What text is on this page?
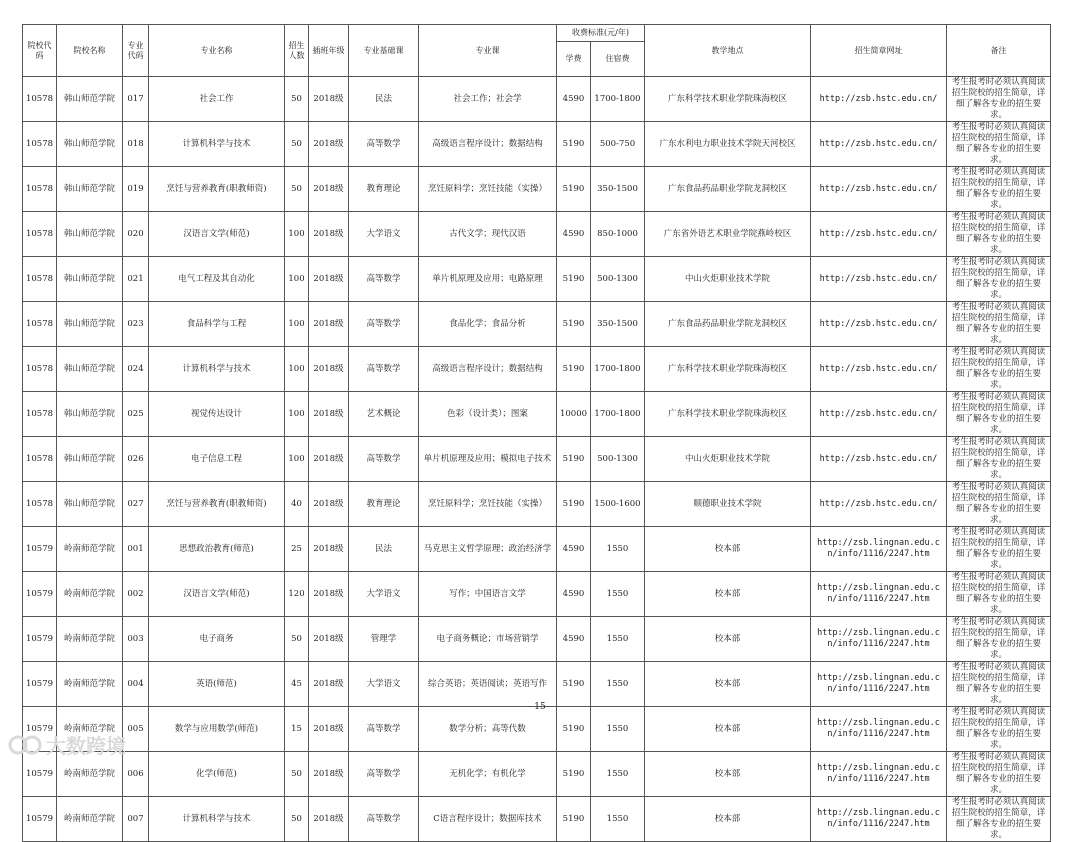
院校代码	院校名称	专业代码	专业名称	招生人数	插班年级	专业基础课	专业课	收费标准(元/年)		教学地点	招生简章网址	备注
								学费	住宿费			
10578	韩山师范学院	017	社会工作	50	2018级	民法	社会工作；社会学	4590	1700-1800	广东科学技术职业学院珠海校区	http://zsb.hstc.edu.cn/	考生报考时必须认真阅读招生院校的招生简章，详细了解各专业的招生要求。
10578	韩山师范学院	018	计算机科学与技术	50	2018级	高等数学	高级语言程序设计；数据结构	5190	500-750	广东水利电力职业技术学院天河校区	http://zsb.hstc.edu.cn/	考生报考时必须认真阅读招生院校的招生简章，详细了解各专业的招生要求。
10578	韩山师范学院	019	烹饪与营养教育(职教师资)	50	2018级	教育理论	烹饪原料学；烹饪技能（实操）	5190	350-1500	广东食品药品职业学院龙洞校区	http://zsb.hstc.edu.cn/	考生报考时必须认真阅读招生院校的招生简章，详细了解各专业的招生要求。
10578	韩山师范学院	020	汉语言文学(师范)	100	2018级	大学语文	古代文学；现代汉语	4590	850-1000	广东省外语艺术职业学院燕岭校区	http://zsb.hstc.edu.cn/	考生报考时必须认真阅读招生院校的招生简章，详细了解各专业的招生要求。
10578	韩山师范学院	021	电气工程及其自动化	100	2018级	高等数学	单片机原理及应用；电路原理	5190	500-1300	中山火炬职业技术学院	http://zsb.hstc.edu.cn/	考生报考时必须认真阅读招生院校的招生简章，详细了解各专业的招生要求。
10578	韩山师范学院	023	食品科学与工程	100	2018级	高等数学	食品化学；食品分析	5190	350-1500	广东食品药品职业学院龙洞校区	http://zsb.hstc.edu.cn/	考生报考时必须认真阅读招生院校的招生简章，详细了解各专业的招生要求。
10578	韩山师范学院	024	计算机科学与技术	100	2018级	高等数学	高级语言程序设计；数据结构	5190	1700-1800	广东科学技术职业学院珠海校区	http://zsb.hstc.edu.cn/	考生报考时必须认真阅读招生院校的招生简章，详细了解各专业的招生要求。
10578	韩山师范学院	025	视觉传达设计	100	2018级	艺术概论	色彩（设计类）；图案	10000	1700-1800	广东科学技术职业学院珠海校区	http://zsb.hstc.edu.cn/	考生报考时必须认真阅读招生院校的招生简章，详细了解各专业的招生要求。
10578	韩山师范学院	026	电子信息工程	100	2018级	高等数学	单片机原理及应用；模拟电子技术	5190	500-1300	中山火炬职业技术学院	http://zsb.hstc.edu.cn/	考生报考时必须认真阅读招生院校的招生简章，详细了解各专业的招生要求。
10578	韩山师范学院	027	烹饪与营养教育(职教师资)	40	2018级	教育理论	烹饪原料学；烹饪技能（实操）	5190	1500-1600	顺德职业技术学院	http://zsb.hstc.edu.cn/	考生报考时必须认真阅读招生院校的招生简章，详细了解各专业的招生要求。
10579	岭南师范学院	001	思想政治教育(师范)	25	2018级	民法	马克思主义哲学原理；政治经济学	4590	1550	校本部	http://zsb.lingnan.edu.cn/info/1116/2247.htm	考生报考时必须认真阅读招生院校的招生简章，详细了解各专业的招生要求。
10579	岭南师范学院	002	汉语言文学(师范)	120	2018级	大学语文	写作；中国语言文学	4590	1550	校本部	http://zsb.lingnan.edu.cn/info/1116/2247.htm	考生报考时必须认真阅读招生院校的招生简章，详细了解各专业的招生要求。
10579	岭南师范学院	003	电子商务	50	2018级	管理学	电子商务概论；市场营销学	4590	1550	校本部	http://zsb.lingnan.edu.cn/info/1116/2247.htm	考生报考时必须认真阅读招生院校的招生简章，详细了解各专业的招生要求。
10579	岭南师范学院	004	英语(师范)	45	2018级	大学语文	综合英语；英语阅读；英语写作	5190	1550	校本部	http://zsb.lingnan.edu.cn/info/1116/2247.htm	考生报考时必须认真阅读招生院校的招生简章，详细了解各专业的招生要求。
10579	岭南师范学院	005	数学与应用数学(师范)	15	2018级	高等数学	数学分析；高等代数	5190	1550	校本部	http://zsb.lingnan.edu.cn/info/1116/2247.htm	考生报考时必须认真阅读招生院校的招生简章，详细了解各专业的招生要求。
10579	岭南师范学院	006	化学(师范)	50	2018级	高等数学	无机化学；有机化学	5190	1550	校本部	http://zsb.lingnan.edu.cn/info/1116/2247.htm	考生报考时必须认真阅读招生院校的招生简章，详细了解各专业的招生要求。
10579	岭南师范学院	007	计算机科学与技术	50	2018级	高等数学	C语言程序设计；数据库技术	5190	1550	校本部	http://zsb.lingnan.edu.cn/info/1116/2247.htm	考生报考时必须认真阅读招生院校的招生简章，详细了解各专业的招生要求。
15
大数跨境
